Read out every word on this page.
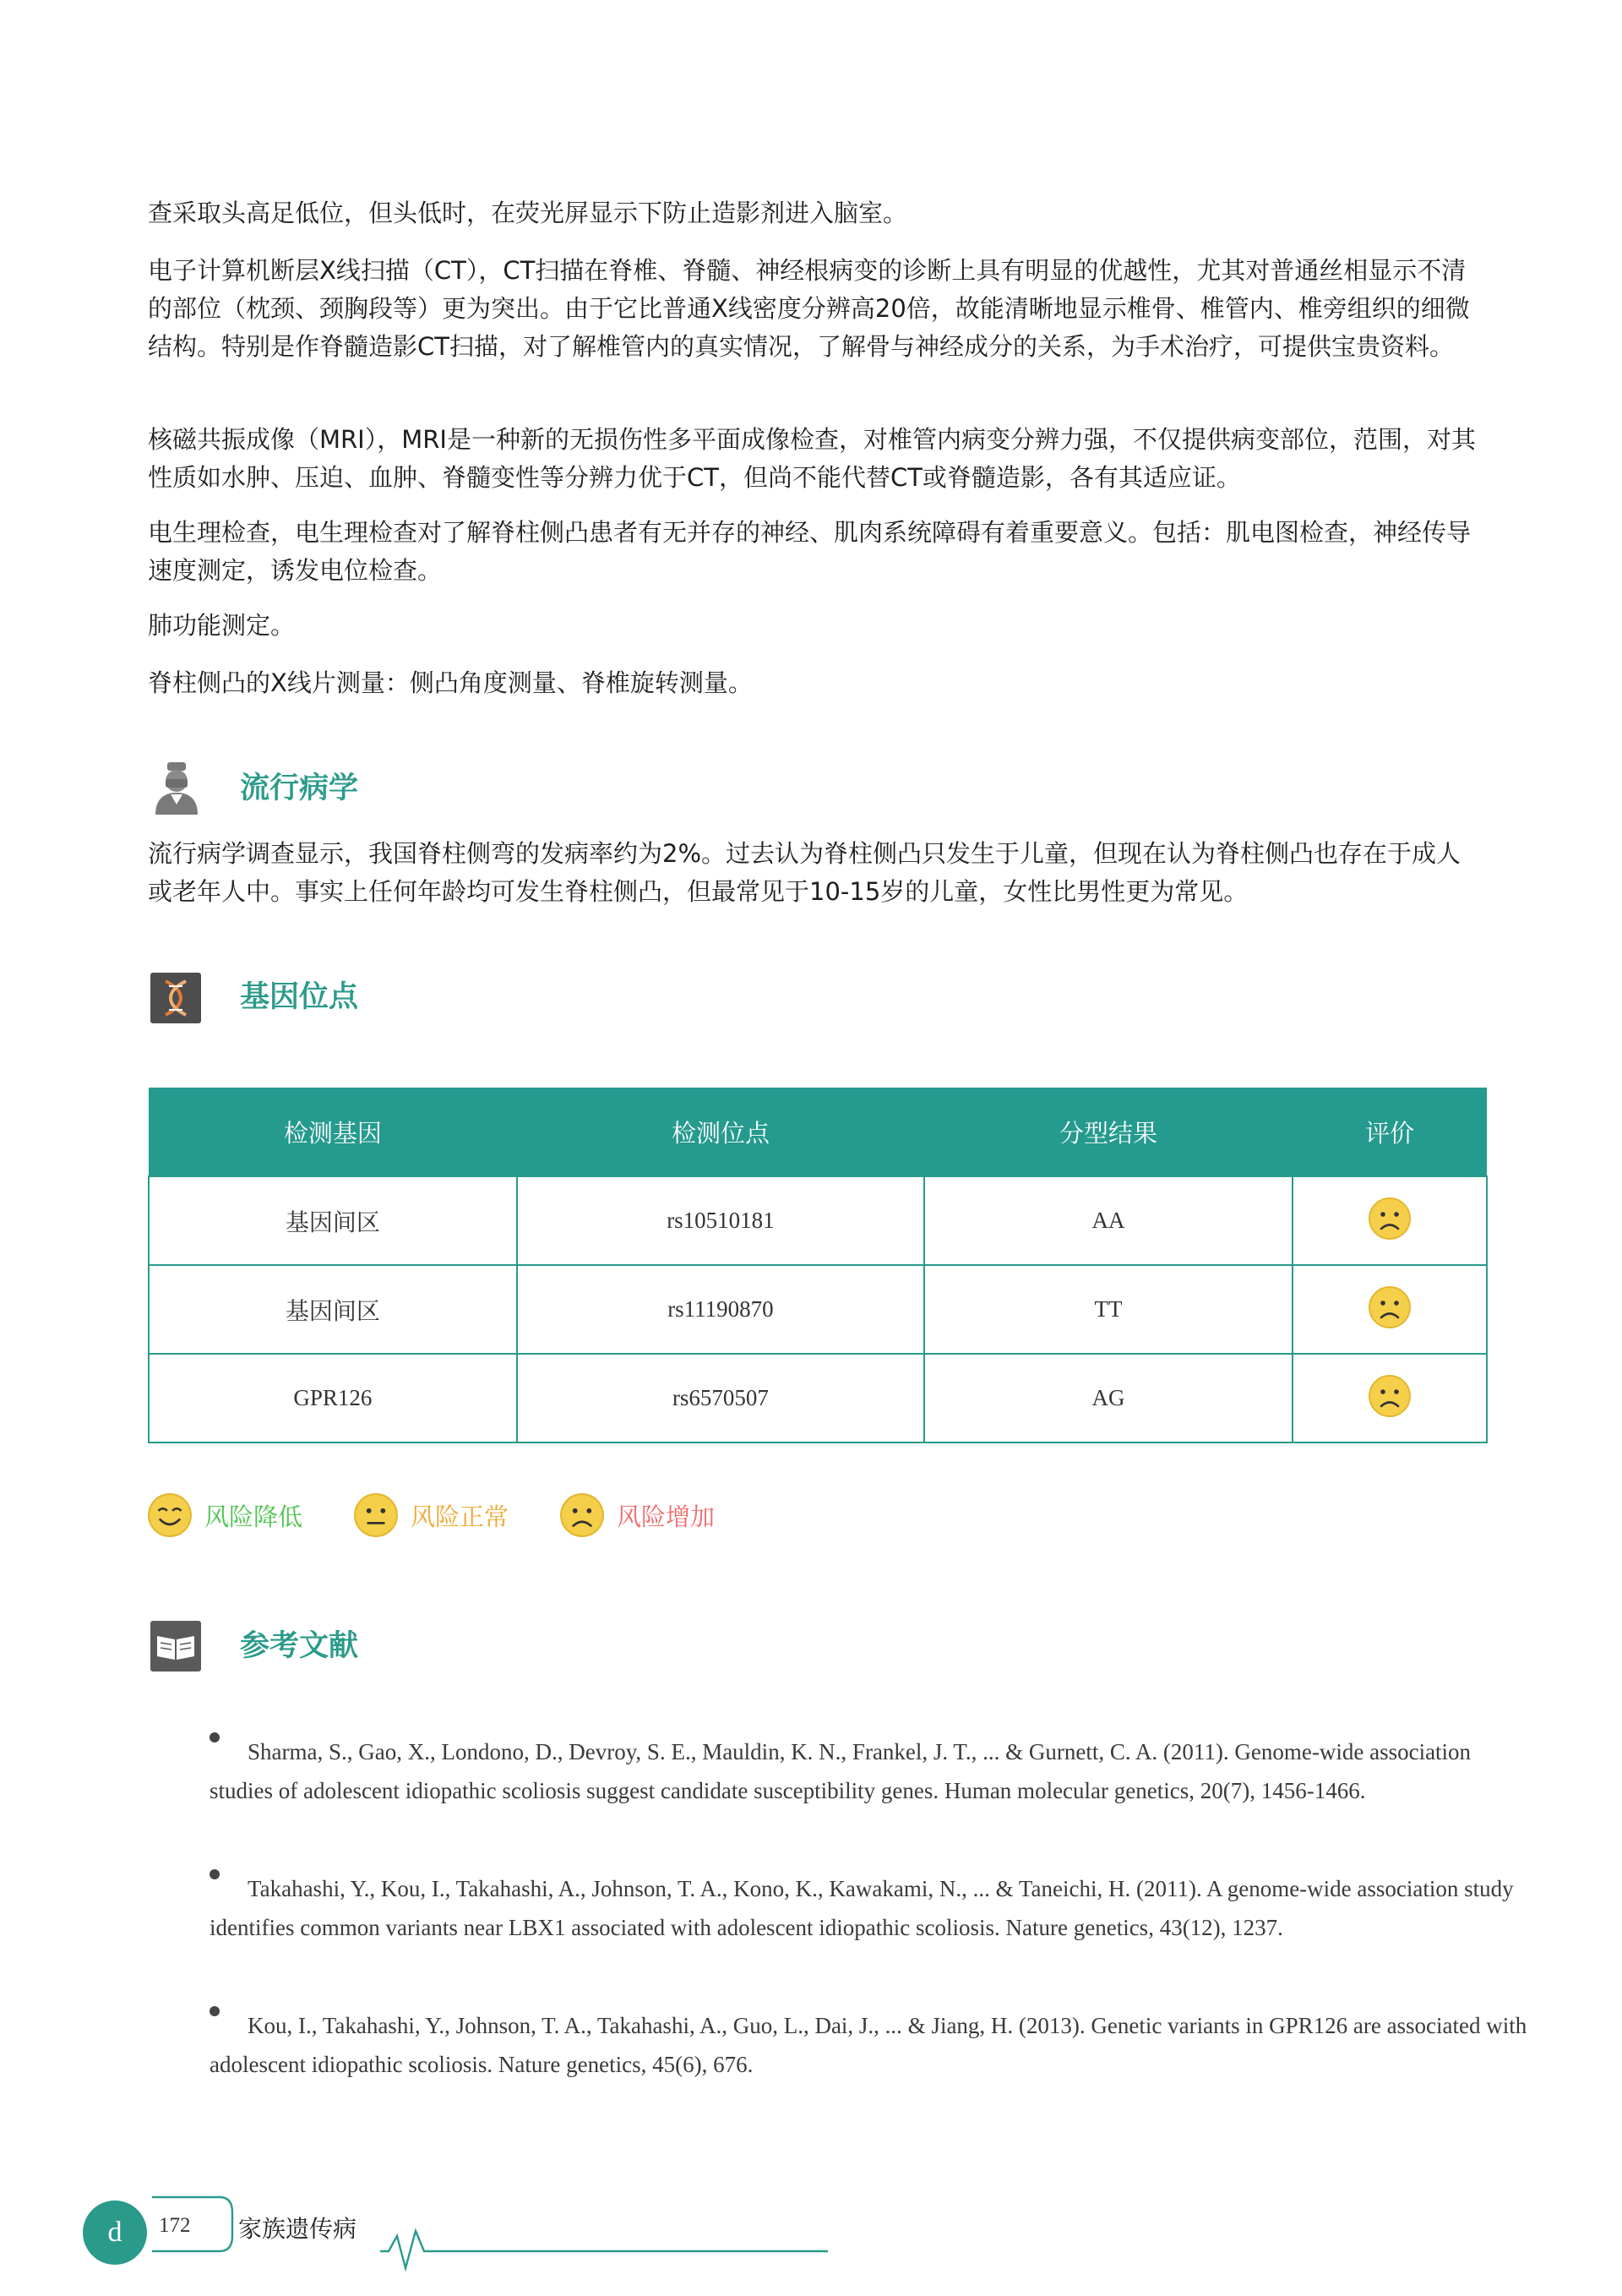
查采取头高足低位，但头低时，在荧光屏显示下防止造影剂进入脑室。

电子计算机断层X线扫描（CT），CT扫描在脊椎、脊髓、神经根病变的诊断上具有明显的优越性，尤其对普通丝相显示不清的部位（枕颈、颈胸段等）更为突出。由于它比普通X线密度分辨高20倍，故能清晰地显示椎骨、椎管内、椎旁组织的细微结构。特别是作脊髓造影CT扫描，对了解椎管内的真实情况，了解骨与神经成分的关系，为手术治疗，可提供宝贵资料。

核磁共振成像（MRI），MRI是一种新的无损伤性多平面成像检查，对椎管内病变分辨力强，不仅提供病变部位，范围，对其性质如水肿、压迫、血肿、脊髓变性等分辨力优于CT，但尚不能代替CT或脊髓造影，各有其适应证。

电生理检查，电生理检查对了解脊柱侧凸患者有无并存的神经、肌肉系统障碍有着重要意义。包括：肌电图检查，神经传导速度测定，诱发电位检查。

肺功能测定。

脊柱侧凸的X线片测量：侧凸角度测量、脊椎旋转测量。

流行病学

流行病学调查显示，我国脊柱侧弯的发病率约为2%。过去认为脊柱侧凸只发生于儿童，但现在认为脊柱侧凸也存在于成人或老年人中。事实上任何年龄均可发生脊柱侧凸，但最常见于10-15岁的儿童，女性比男性更为常见。

基因位点
检测基因	检测位点	分型结果	评价
基因间区	rs10510181	AA	
基因间区	rs11190870	TT	
GPR126	rs6570507	AG	
风险降低	风险正常	风险增加
参考文献
Sharma, S., Gao, X., Londono, D., Devroy, S. E., Mauldin, K. N., Frankel, J. T., ... & Gurnett, C. A. (2011). Genome-wide association studies of adolescent idiopathic scoliosis suggest candidate susceptibility genes. Human molecular genetics, 20(7), 1456-1466.
Takahashi, Y., Kou, I., Takahashi, A., Johnson, T. A., Kono, K., Kawakami, N., ... & Taneichi, H. (2011). A genome-wide association study identifies common variants near LBX1 associated with adolescent idiopathic scoliosis. Nature genetics, 43(12), 1237.
Kou, I., Takahashi, Y., Johnson, T. A., Takahashi, A., Guo, L., Dai, J., ... & Jiang, H. (2013). Genetic variants in GPR126 are associated with adolescent idiopathic scoliosis. Nature genetics, 45(6), 676.
d	172 家族遗传病
